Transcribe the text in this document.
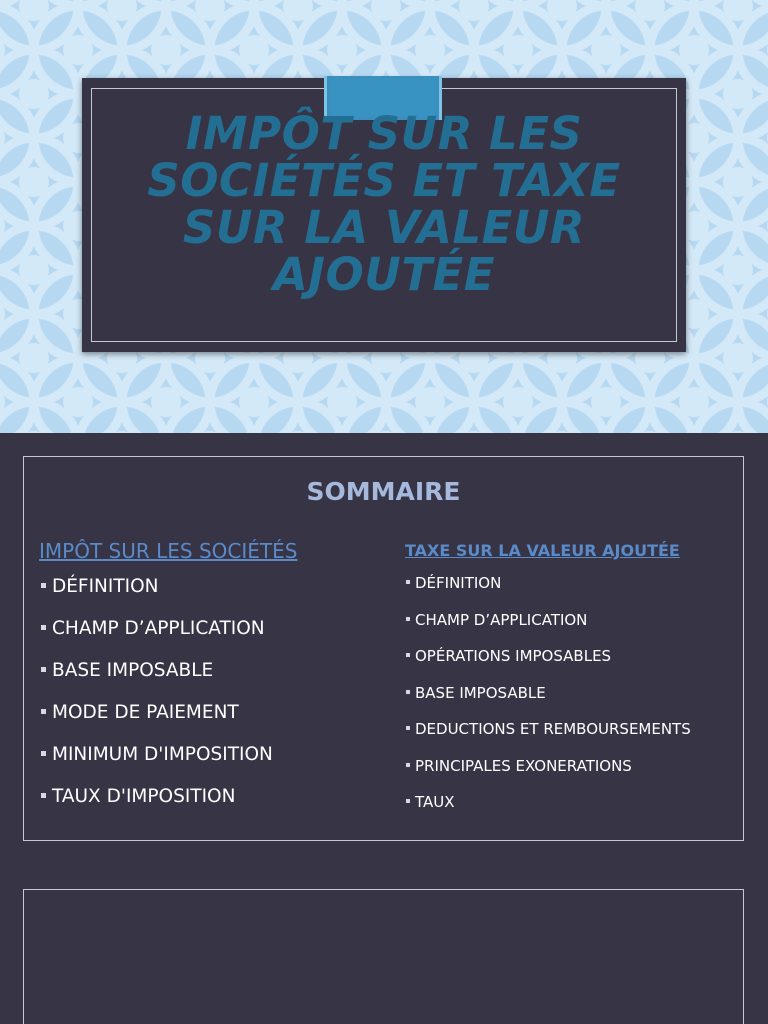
IMPÔT SUR LES
SOCIÉTÉS ET TAXE
SUR LA VALEUR
AJOUTÉE
SOMMAIRE
IMPÔT SUR LES SOCIÉTÉS
DÉFINITION
CHAMP D’APPLICATION
BASE IMPOSABLE
MODE DE PAIEMENT
MINIMUM D'IMPOSITION
TAUX D'IMPOSITION
TAXE SUR LA VALEUR AJOUTÉE
DÉFINITION
CHAMP D’APPLICATION
OPÉRATIONS IMPOSABLES
BASE IMPOSABLE
DEDUCTIONS ET REMBOURSEMENTS
PRINCIPALES EXONERATIONS
TAUX
